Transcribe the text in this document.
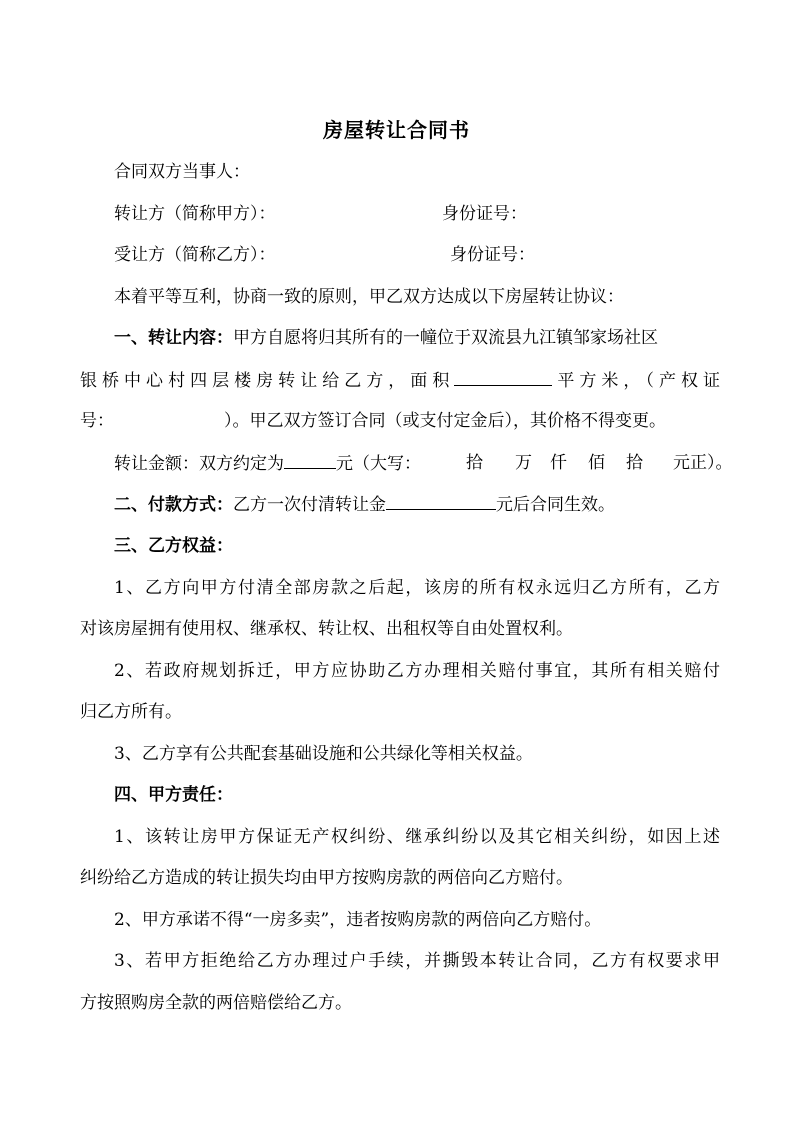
房屋转让合同书
合同双方当事人：
转让方（简称甲方）：	身份证号：
受让方（简称乙方）：	身份证号：
本着平等互利，协商一致的原则，甲乙双方达成以下房屋转让协议：
一、转让内容：甲方自愿将归其所有的一幢位于双流县九江镇邹家场社区
银桥中心村四层楼房转让给乙方，面积	平方米，（产权证
号：	）。甲乙双方签订合同（或支付定金后），其价格不得变更。
转让金额：双方约定为	元（大写：	拾 万 仟 佰 拾 元正）。
二、付款方式：乙方一次付清转让金	元后合同生效。
三、乙方权益：
1、乙方向甲方付清全部房款之后起，该房的所有权永远归乙方所有，乙方
对该房屋拥有使用权、继承权、转让权、出租权等自由处置权利。
2、若政府规划拆迁，甲方应协助乙方办理相关赔付事宜，其所有相关赔付
归乙方所有。
3、乙方享有公共配套基础设施和公共绿化等相关权益。
四、甲方责任：
1、该转让房甲方保证无产权纠纷、继承纠纷以及其它相关纠纷，如因上述
纠纷给乙方造成的转让损失均由甲方按购房款的两倍向乙方赔付。
2、甲方承诺不得“一房多卖”，违者按购房款的两倍向乙方赔付。
3、若甲方拒绝给乙方办理过户手续，并撕毁本转让合同，乙方有权要求甲
方按照购房全款的两倍赔偿给乙方。
